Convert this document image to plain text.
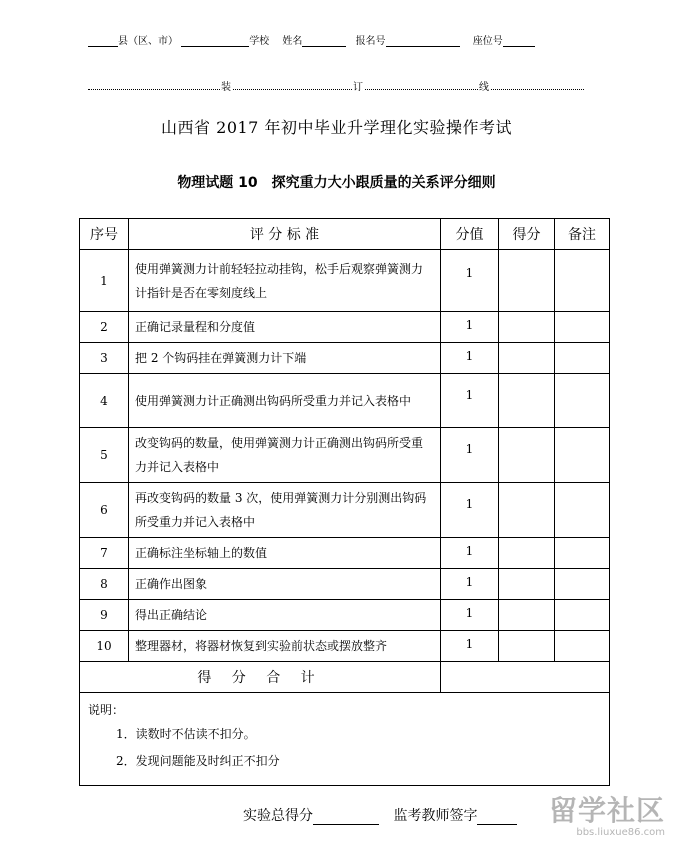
县（区、市）	学校 姓名	报名号	座位号
装	订	线
山西省 2017 年初中毕业升学理化实验操作考试
物理试题 10　探究重力大小跟质量的关系评分细则
序号	评 分 标 准	分值	得分	备注
1	使用弹簧测力计前轻轻拉动挂钩，松手后观察弹簧测力计指针是否在零刻度线上	1		
2	正确记录量程和分度值	1		
3	把 2 个钩码挂在弹簧测力计下端	1		
4	使用弹簧测力计正确测出钩码所受重力并记入表格中	1		
5	改变钩码的数量，使用弹簧测力计正确测出钩码所受重力并记入表格中	1		
6	再改变钩码的数量 3 次，使用弹簧测力计分别测出钩码所受重力并记入表格中	1		
7	正确标注坐标轴上的数值	1		
8	正确作出图象	1		
9	得出正确结论	1		
10	整理器材，将器材恢复到实验前状态或摆放整齐	1		
得 分 合 计				

说明：
1．读数时不估读不扣分。
2．发现问题能及时纠正不扣分				
实验总得分	监考教师签字	留学社区
bbs.liuxue86.com
